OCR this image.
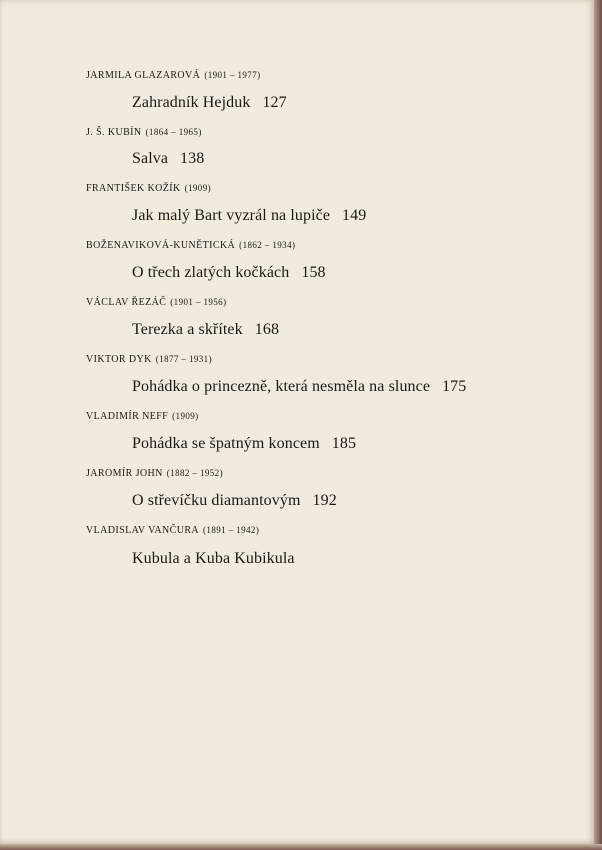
JARMILA GLAZAROVÁ (1901 – 1977)
Zahradník Hejduk 127
J. Š. KUBÍN (1864 – 1965)
Salva 138
FRANTIŠEK KOŽÍK (1909)
Jak malý Bart vyzrál na lupiče 149
BOŽENAVIKOVÁ-KUNĚTICKÁ (1862 – 1934)
O třech zlatých kočkách 158
VÁCLAV ŘEZÁČ (1901 – 1956)
Terezka a skřítek 168
VIKTOR DYK (1877 – 1931)
Pohádka o princezně, která nesměla na slunce 175
VLADIMÍR NEFF (1909)
Pohádka se špatným koncem 185
JAROMÍR JOHN (1882 – 1952)
O střevíčku diamantovým 192
VLADISLAV VANČURA (1891 – 1942)
Kubula a Kuba Kubikula
